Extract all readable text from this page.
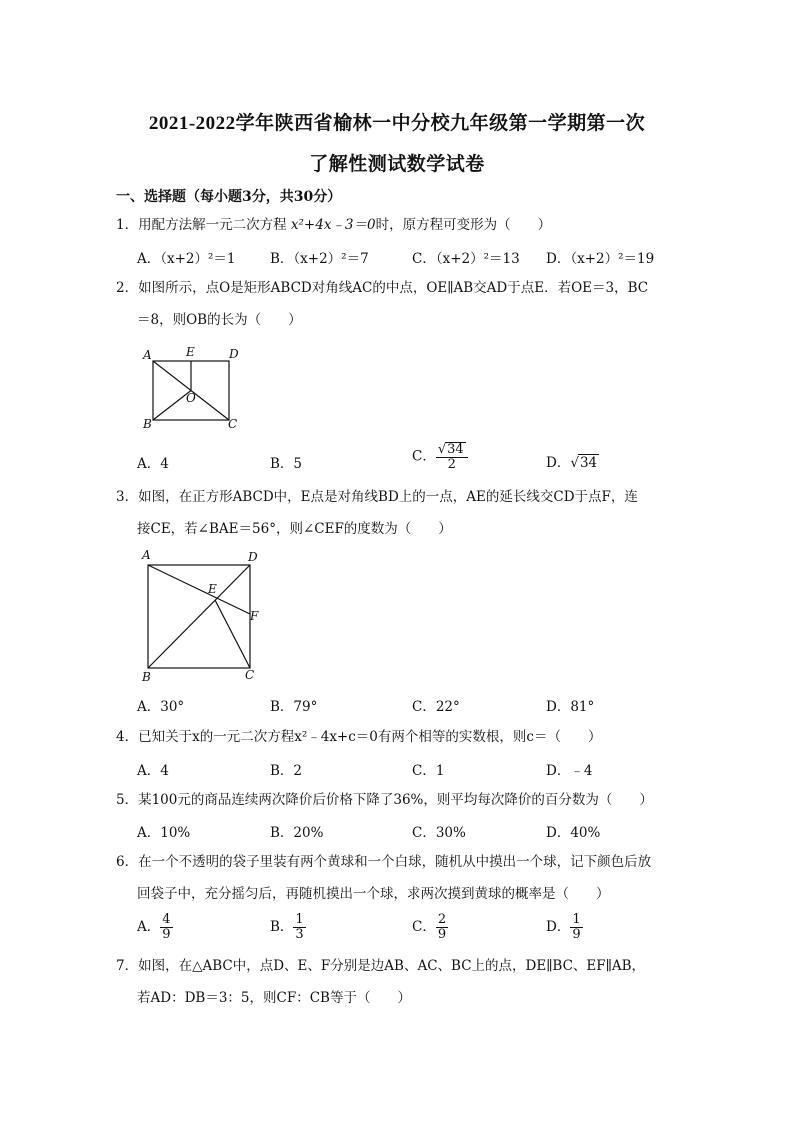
2021-2022学年陕西省榆林一中分校九年级第一学期第一次
了解性测试数学试卷
一、选择题（每小题3分，共30分）
1．用配方法解一元二次方程 x²+4x﹣3＝0时，原方程可变形为（　　）
A．（x+2）²＝1	B．（x+2）²＝7	C．（x+2）²＝13 D．（x+2）²＝19
2．如图所示，点O是矩形ABCD对角线AC的中点，OE∥AB交AD于点E．若OE＝3，BC
＝8，则OB的长为（　　）
A	E	D
O
B	C
A．4	B．5	C． $\frac{√34}{2}$	D．√34
3．如图，在正方形ABCD中，E点是对角线BD上的一点，AE的延长线交CD于点F，连
接CE，若∠BAE＝56°，则∠CEF的度数为（　　）
A	D
E
F
B	C
A．30°	B．79°	C．22°	D．81°
4．已知关于x的一元二次方程x²﹣4x+c＝0有两个相等的实数根，则c＝（　　）
A．4	B．2	C．1	D．﹣4
5．某100元的商品连续两次降价后价格下降了36%，则平均每次降价的百分数为（　　）
A．10%	B．20%	C．30%	D．40%
6．在一个不透明的袋子里装有两个黄球和一个白球，随机从中摸出一个球，记下颜色后放
回袋子中，充分摇匀后，再随机摸出一个球，求两次摸到黄球的概率是（　　）
A． $\frac{4}{9}$	B． $\frac{1}{3}$	C． $\frac{2}{9}$	D． $\frac{1}{9}$
7．如图，在△ABC中，点D、E、F分别是边AB、AC、BC上的点，DE∥BC、EF∥AB，
若AD：DB＝3：5，则CF：CB等于（　　）
